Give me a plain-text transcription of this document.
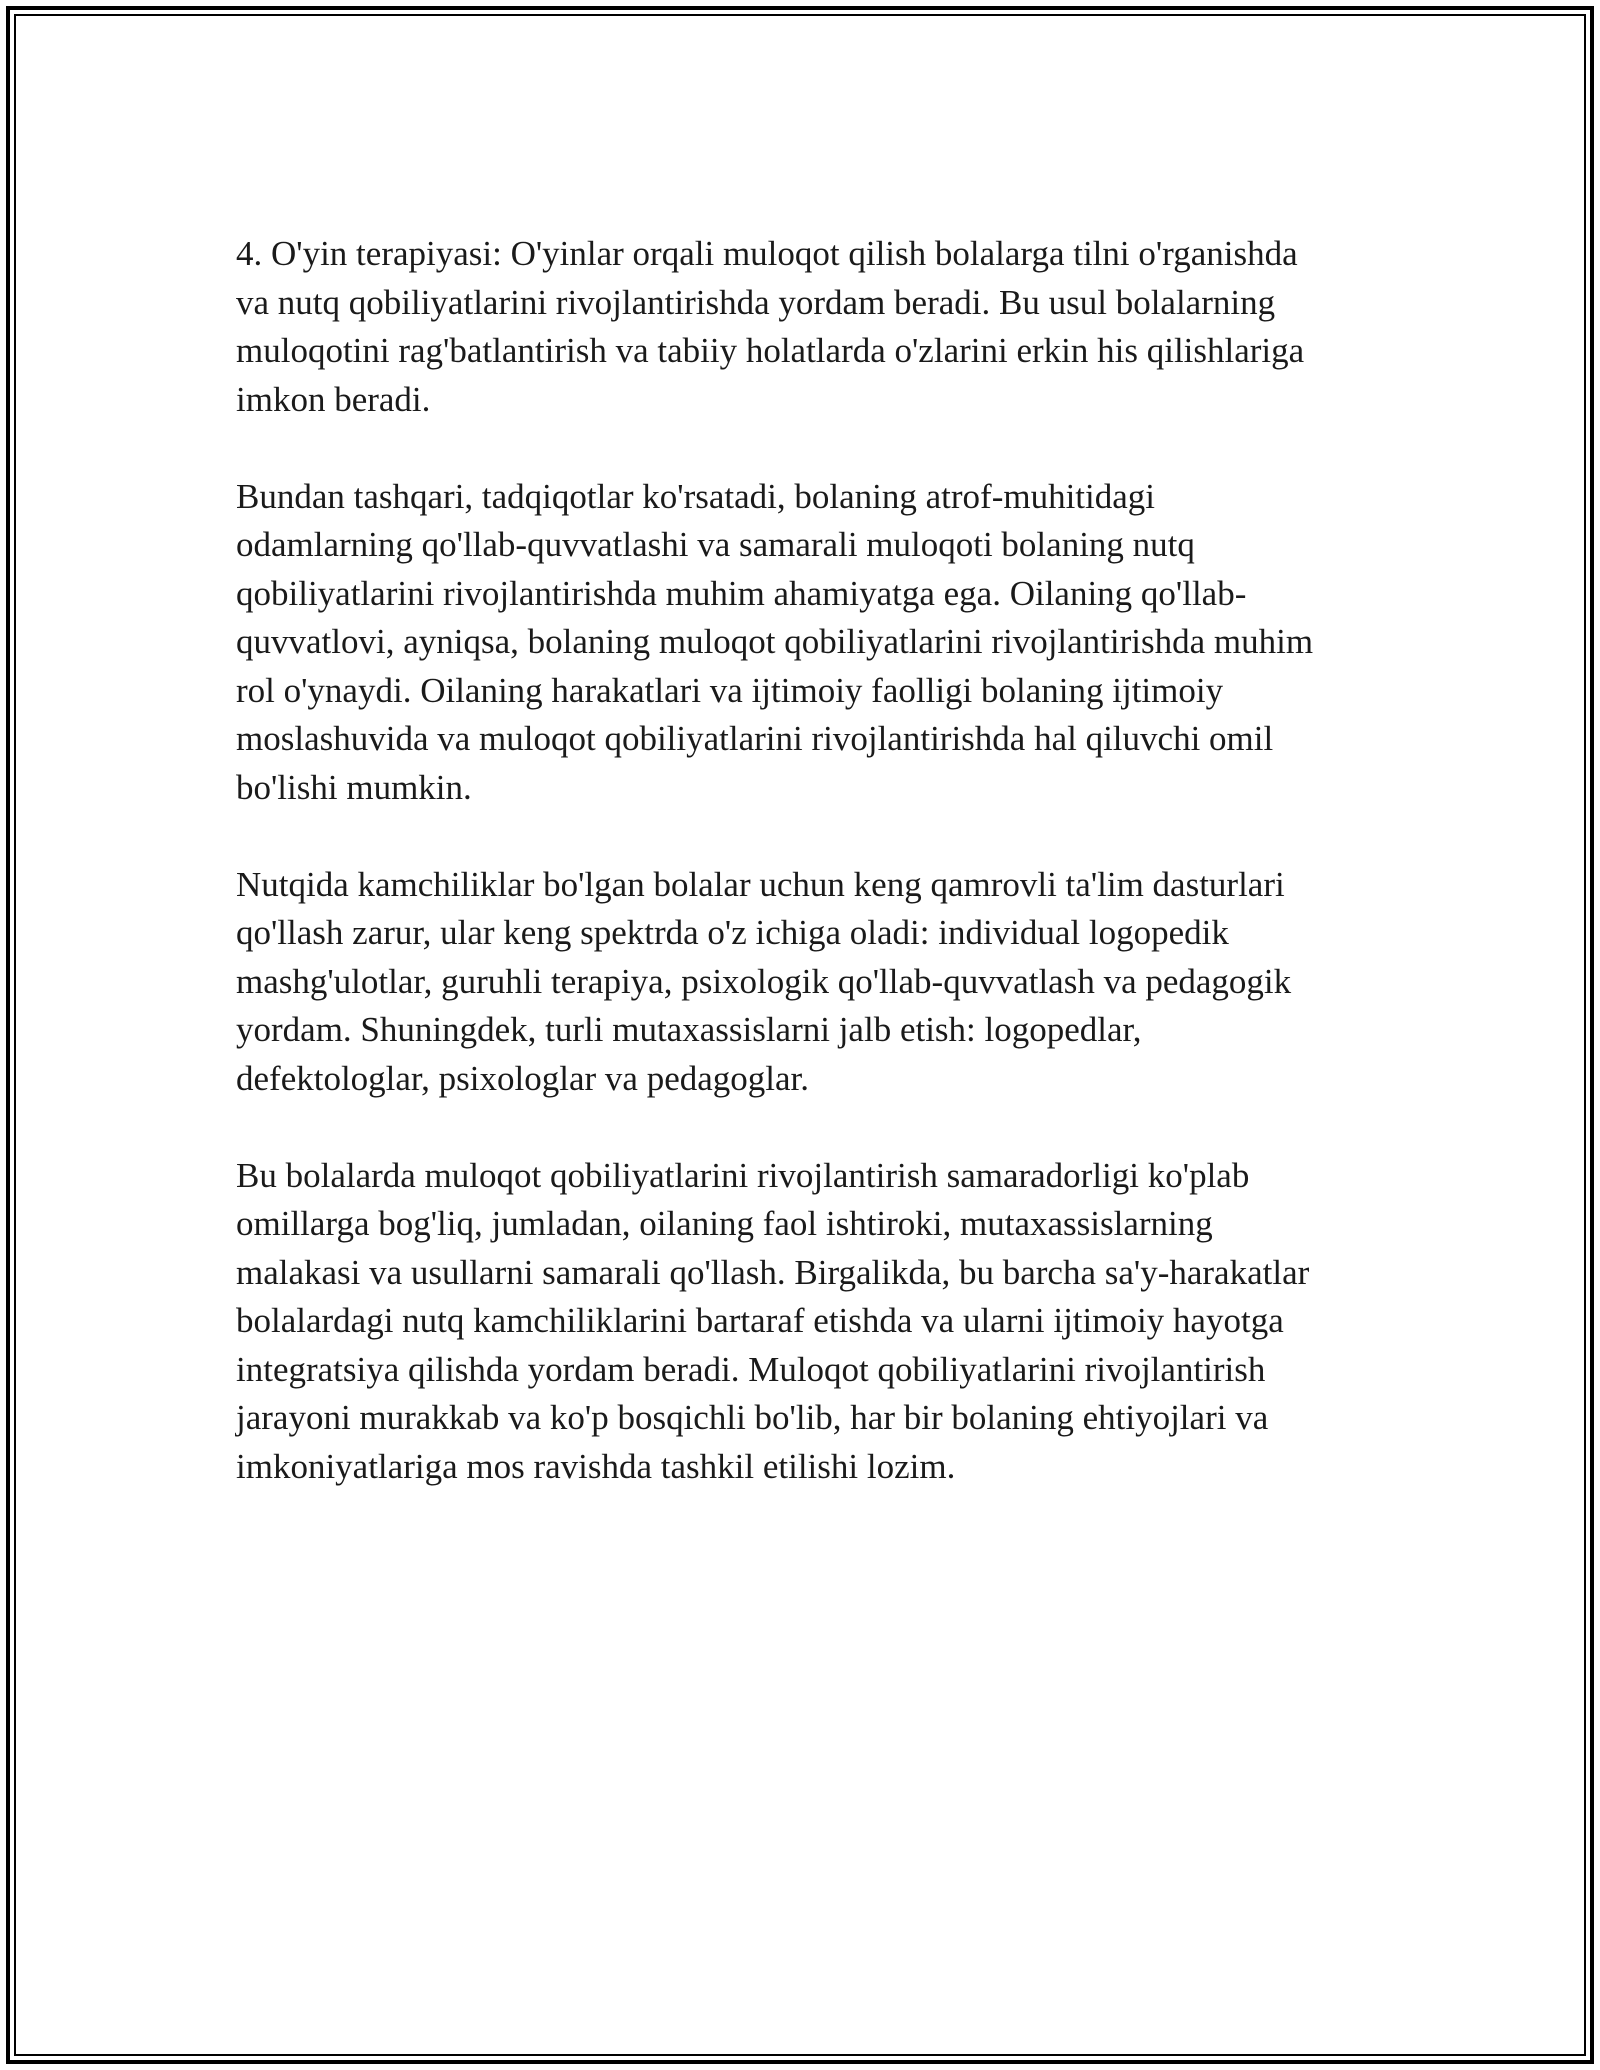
4. O'yin terapiyasi: O'yinlar orqali muloqot qilish bolalarga tilni o'rganishda
va nutq qobiliyatlarini rivojlantirishda yordam beradi. Bu usul bolalarning
muloqotini rag'batlantirish va tabiiy holatlarda o'zlarini erkin his qilishlariga
imkon beradi.

Bundan tashqari, tadqiqotlar ko'rsatadi, bolaning atrof-muhitidagi
odamlarning qo'llab-quvvatlashi va samarali muloqoti bolaning nutq
qobiliyatlarini rivojlantirishda muhim ahamiyatga ega. Oilaning qo'llab-
quvvatlovi, ayniqsa, bolaning muloqot qobiliyatlarini rivojlantirishda muhim
rol o'ynaydi. Oilaning harakatlari va ijtimoiy faolligi bolaning ijtimoiy
moslashuvida va muloqot qobiliyatlarini rivojlantirishda hal qiluvchi omil
bo'lishi mumkin.

Nutqida kamchiliklar bo'lgan bolalar uchun keng qamrovli ta'lim dasturlari
qo'llash zarur, ular keng spektrda o'z ichiga oladi: individual logopedik
mashg'ulotlar, guruhli terapiya, psixologik qo'llab-quvvatlash va pedagogik
yordam. Shuningdek, turli mutaxassislarni jalb etish: logopedlar,
defektologlar, psixologlar va pedagoglar.

Bu bolalarda muloqot qobiliyatlarini rivojlantirish samaradorligi ko'plab
omillarga bog'liq, jumladan, oilaning faol ishtiroki, mutaxassislarning
malakasi va usullarni samarali qo'llash. Birgalikda, bu barcha sa'y-harakatlar
bolalardagi nutq kamchiliklarini bartaraf etishda va ularni ijtimoiy hayotga
integratsiya qilishda yordam beradi. Muloqot qobiliyatlarini rivojlantirish
jarayoni murakkab va ko'p bosqichli bo'lib, har bir bolaning ehtiyojlari va
imkoniyatlariga mos ravishda tashkil etilishi lozim.
